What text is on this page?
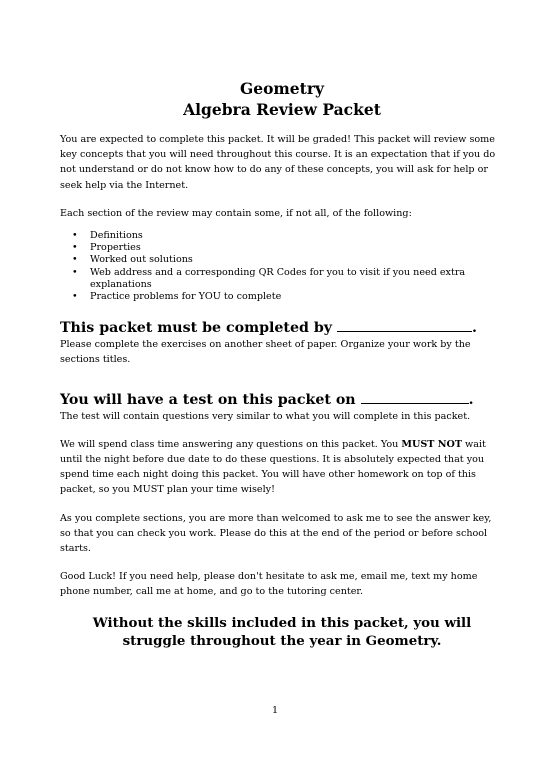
Geometry
Algebra Review Packet

You are expected to complete this packet. It will be graded! This packet will review some key concepts that you will need throughout this course. It is an expectation that if you do not understand or do not know how to do any of these concepts, you will ask for help or seek help via the Internet.

Each section of the review may contain some, if not all, of the following:

• Definitions
• Properties
• Worked out solutions
• Web address and a corresponding QR Codes for you to visit if you need extra explanations
• Practice problems for YOU to complete
This packet must be completed by	.

Please complete the exercises on another sheet of paper. Organize your work by the sections titles.

You will have a test on this packet on	.

The test will contain questions very similar to what you will complete in this packet.

We will spend class time answering any questions on this packet. You MUST NOT wait until the night before due date to do these questions. It is absolutely expected that you spend time each night doing this packet. You will have other homework on top of this packet, so you MUST plan your time wisely!

As you complete sections, you are more than welcomed to ask me to see the answer key, so that you can check you work. Please do this at the end of the period or before school starts.

Good Luck! If you need help, please don't hesitate to ask me, email me, text my home phone number, call me at home, and go to the tutoring center.

Without the skills included in this packet, you will struggle throughout the year in Geometry.
1
